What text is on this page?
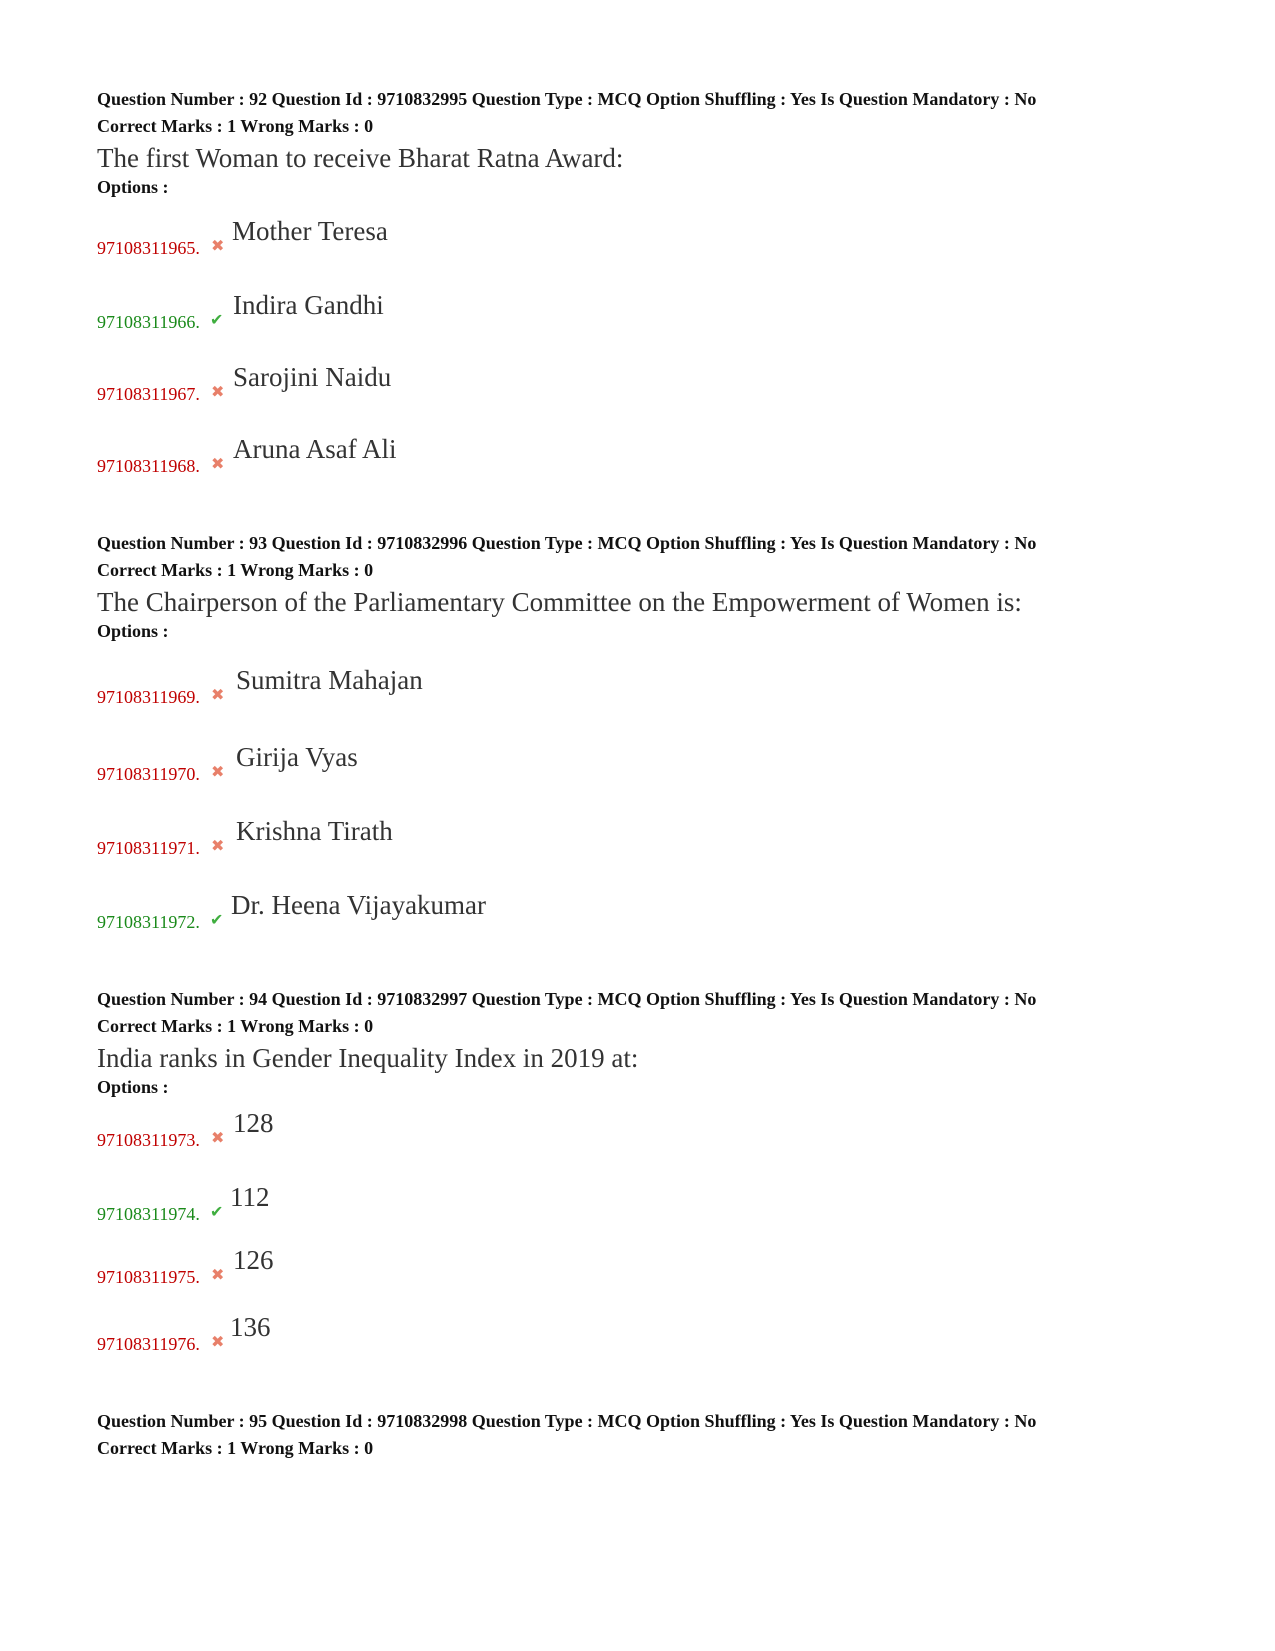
Question Number : 92 Question Id : 9710832995 Question Type : MCQ Option Shuffling : Yes Is Question Mandatory : No
Correct Marks : 1 Wrong Marks : 0
The first Woman to receive Bharat Ratna Award:
Options :
97108311965. ✖
Mother Teresa
97108311966. ✔
Indira Gandhi
97108311967. ✖
Sarojini Naidu
97108311968. ✖
Aruna Asaf Ali
Question Number : 93 Question Id : 9710832996 Question Type : MCQ Option Shuffling : Yes Is Question Mandatory : No
Correct Marks : 1 Wrong Marks : 0
The Chairperson of the Parliamentary Committee on the Empowerment of Women is:
Options :
97108311969. ✖
Sumitra Mahajan
97108311970. ✖
Girija Vyas
97108311971. ✖
Krishna Tirath
97108311972. ✔
Dr. Heena Vijayakumar
Question Number : 94 Question Id : 9710832997 Question Type : MCQ Option Shuffling : Yes Is Question Mandatory : No
Correct Marks : 1 Wrong Marks : 0
India ranks in Gender Inequality Index in 2019 at:
Options :
97108311973. ✖
128
97108311974. ✔
112
97108311975. ✖
126
97108311976. ✖
136
Question Number : 95 Question Id : 9710832998 Question Type : MCQ Option Shuffling : Yes Is Question Mandatory : No
Correct Marks : 1 Wrong Marks : 0
